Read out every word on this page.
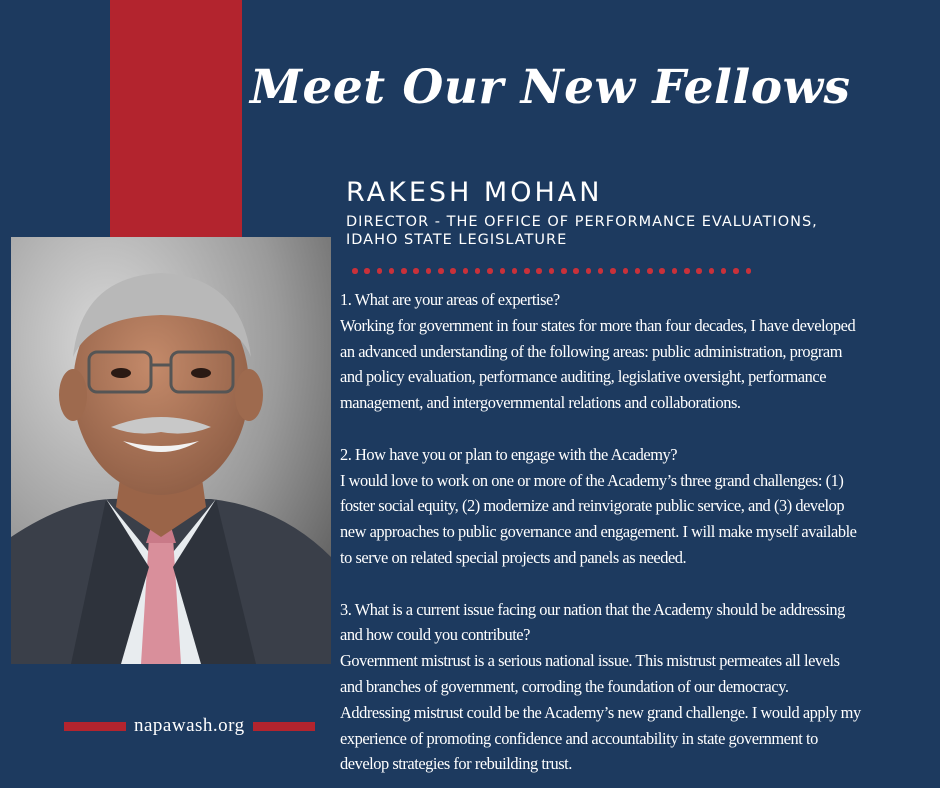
Meet Our New Fellows
RAKESH MOHAN
DIRECTOR - THE OFFICE OF PERFORMANCE EVALUATIONS,
IDAHO STATE LEGISLATURE

1. What are your areas of expertise?

Working for government in four states for more than four decades, I have developed

an advanced understanding of the following areas: public administration, program

and policy evaluation, performance auditing, legislative oversight, performance

management, and intergovernmental relations and collaborations.

2. How have you or plan to engage with the Academy?

I would love to work on one or more of the Academy’s three grand challenges: (1)

foster social equity, (2) modernize and reinvigorate public service, and (3) develop

new approaches to public governance and engagement. I will make myself available

to serve on related special projects and panels as needed.

3. What is a current issue facing our nation that the Academy should be addressing

and how could you contribute?

Government mistrust is a serious national issue. This mistrust permeates all levels

and branches of government, corroding the foundation of our democracy.

Addressing mistrust could be the Academy’s new grand challenge. I would apply my

experience of promoting confidence and accountability in state government to

develop strategies for rebuilding trust.

napawash.org
